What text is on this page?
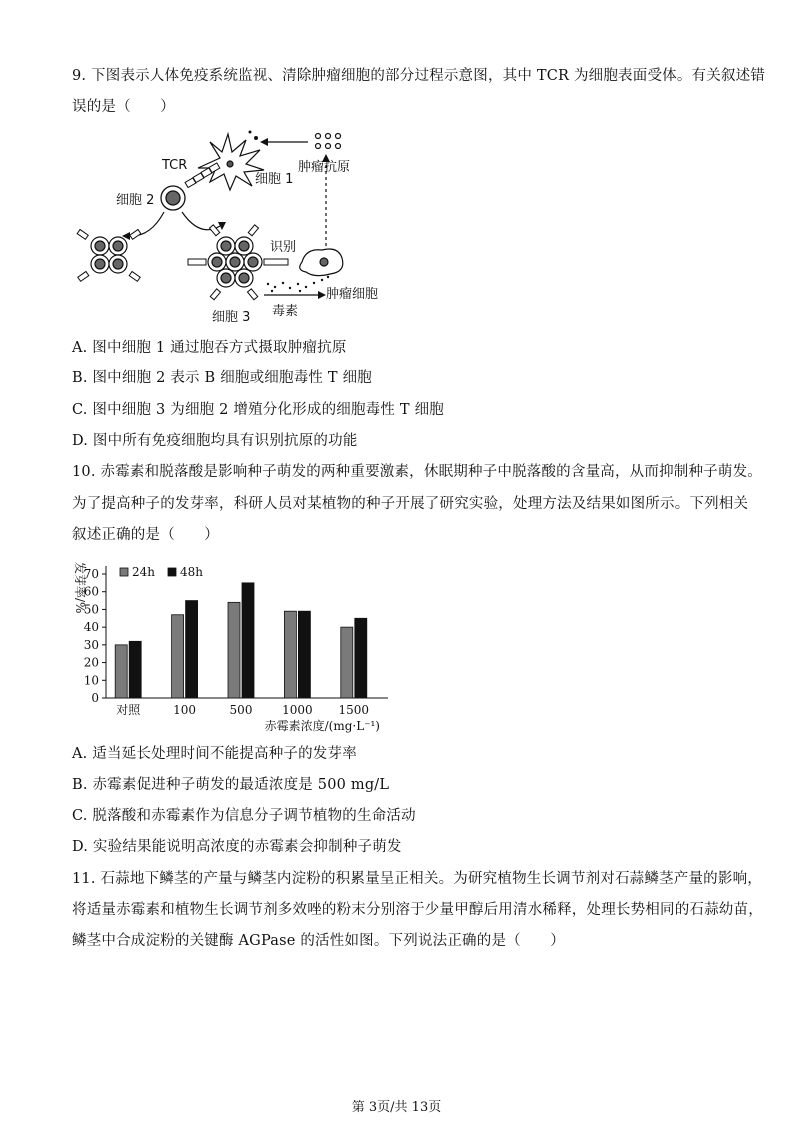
9. 下图表示人体免疫系统监视、清除肿瘤细胞的部分过程示意图，其中 TCR 为细胞表面受体。有关叙述错
误的是（　　）
TCR
细胞 1
肿瘤抗原
细胞 2
识别
肿瘤细胞
毒素
细胞 3
A. 图中细胞 1 通过胞吞方式摄取肿瘤抗原
B. 图中细胞 2 表示 B 细胞或细胞毒性 T 细胞
C. 图中细胞 3 为细胞 2 增殖分化形成的细胞毒性 T 细胞
D. 图中所有免疫细胞均具有识别抗原的功能
10. 赤霉素和脱落酸是影响种子萌发的两种重要激素，休眠期种子中脱落酸的含量高，从而抑制种子萌发。
为了提高种子的发芽率，科研人员对某植物的种子开展了研究实验，处理方法及结果如图所示。下列相关
叙述正确的是（　　）
0
10
20
30
40
50
60
70
发芽率/%
对照	100	500 1000 1500
24h 48h
赤霉素浓度/(mg·L⁻¹)
A. 适当延长处理时间不能提高种子的发芽率
B. 赤霉素促进种子萌发的最适浓度是 500 mg/L
C. 脱落酸和赤霉素作为信息分子调节植物的生命活动
D. 实验结果能说明高浓度的赤霉素会抑制种子萌发
11. 石蒜地下鳞茎的产量与鳞茎内淀粉的积累量呈正相关。为研究植物生长调节剂对石蒜鳞茎产量的影响，
将适量赤霉素和植物生长调节剂多效唑的粉末分别溶于少量甲醇后用清水稀释，处理长势相同的石蒜幼苗，
鳞茎中合成淀粉的关键酶 AGPase 的活性如图。下列说法正确的是（　　）
第 3页/共 13页
